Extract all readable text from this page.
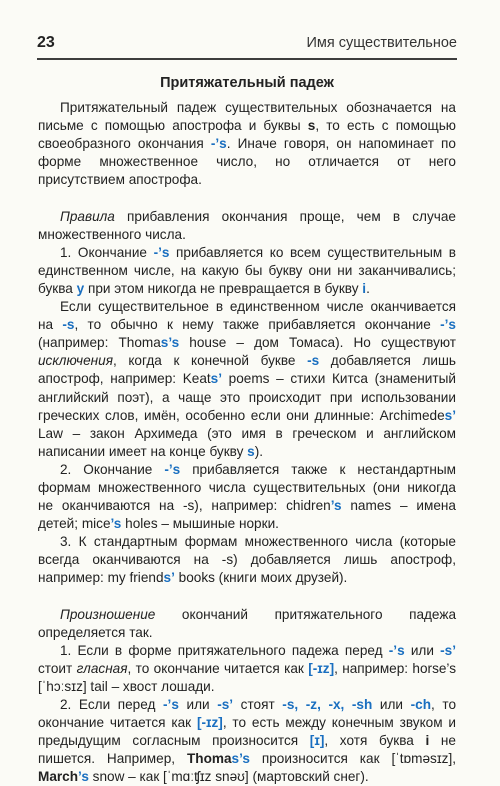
23	Имя существительное
Притяжательный падеж

Притяжательный падеж существительных обозначается на письме с помощью апострофа и буквы s, то есть с помощью своеобразного окончания -’s. Иначе говоря, он напоминает по форме множественное число, но отличается от него присутствием апострофа.

Правила прибавления окончания проще, чем в случае множественного числа.

1. Окончание -’s прибавляется ко всем существительным в единственном числе, на какую бы букву они ни заканчивались; буква y при этом никогда не превращается в букву i.

Если существительное в единственном числе оканчивается на -s, то обычно к нему также прибавляется окончание -’s (например: Thomas’s house – дом Томаса). Но существуют исключения, когда к конечной букве -s добавляется лишь апостроф, например: Keats’ poems – стихи Китса (знаменитый английский поэт), а чаще это происходит при использовании греческих слов, имён, особенно если они длинные: Archimedes’ Law – закон Архимеда (это имя в греческом и английском написании имеет на конце букву s).

2. Окончание -’s прибавляется также к нестандартным формам множественного числа существительных (они никогда не оканчиваются на -s), например: chidren’s names – имена детей; mice’s holes – мышиные норки.

3. К стандартным формам множественного числа (которые всегда оканчиваются на -s) добавляется лишь апостроф, например: my friends’ books (книги моих друзей).

Произношение окончаний притяжательного падежа определяется так.

1. Если в форме притяжательного падежа перед -’s или -s’ стоит гласная, то окончание читается как [-ɪz], например: horse’s [ˈhɔːsɪz] tail – хвост лошади.

2. Если перед -’s или -s’ стоят -s, -z, -x, -sh или -ch, то окончание читается как [-ɪz], то есть между конечным звуком и предыдущим согласным произносится [ɪ], хотя буква i не пишется. Например, Thomas’s произносится как [ˈtɒməsɪz], March’s snow – как [ˈmɑːʧɪz snəʊ] (мартовский снег).
